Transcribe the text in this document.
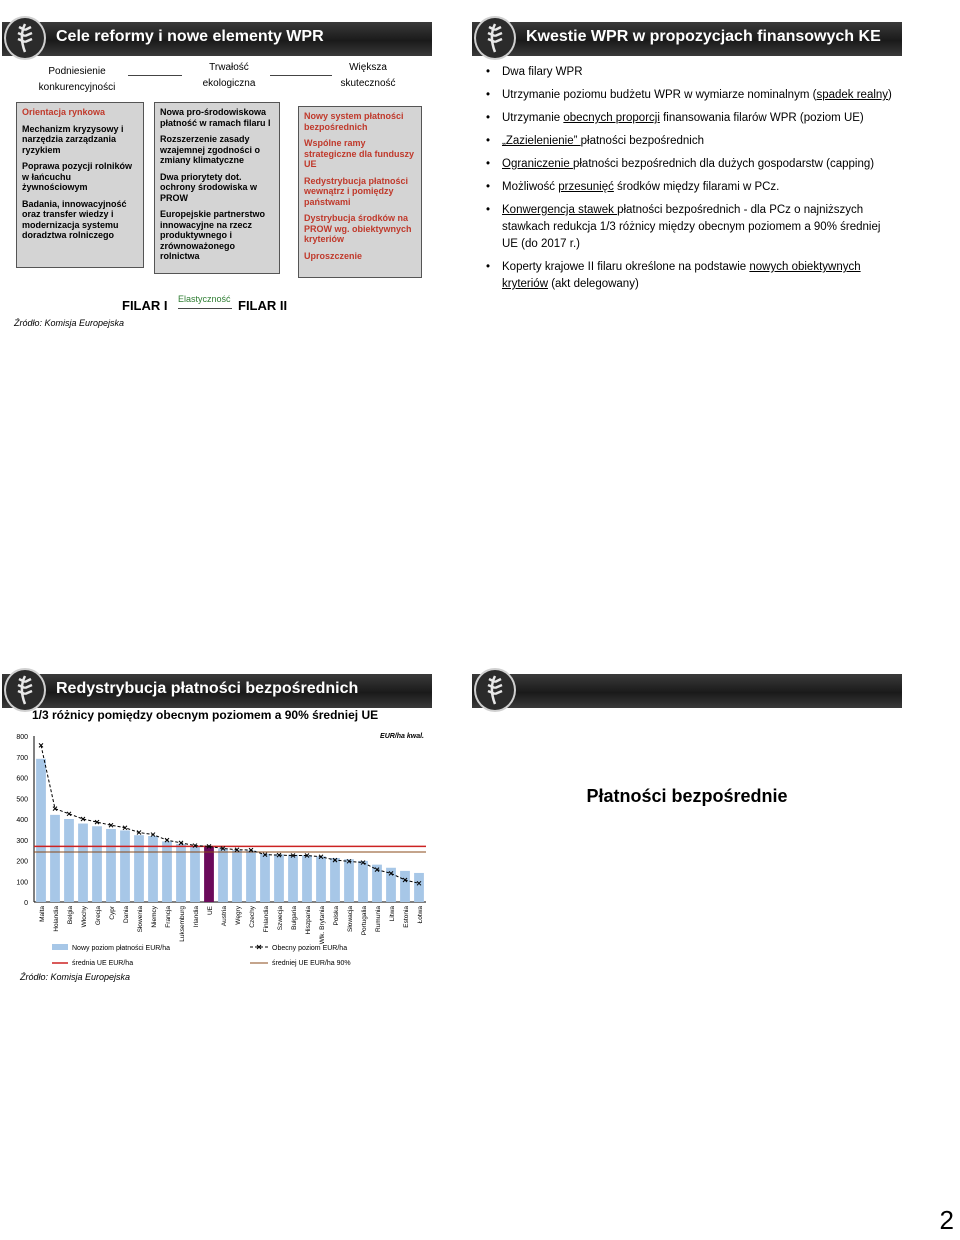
Cele reformy i nowe elementy WPR
Podniesienie konkurencyjności
Trwałość ekologiczna
Większa skuteczność

Orientacja rynkowa

Mechanizm kryzysowy i narzędzia zarządzania ryzykiem

Poprawa pozycji rolników w łańcuchu żywnościowym

Badania, innowacyjność oraz transfer wiedzy i modernizacja systemu doradztwa rolniczego

Nowa pro-środowiskowa płatność w ramach filaru I

Rozszerzenie zasady wzajemnej zgodności o zmiany klimatyczne

Dwa priorytety dot. ochrony środowiska w PROW

Europejskie partnerstwo innowacyjne na rzecz produktywnego i zrównoważonego rolnictwa

Nowy system płatności bezpośrednich

Wspólne ramy strategiczne dla funduszy UE

Redystrybucja płatności wewnątrz i pomiędzy państwami

Dystrybucja środków na PROW wg. obiektywnych kryteriów

Uproszczenie

FILAR I Elastyczność FILAR II
Źródło: Komisja Europejska
Kwestie WPR w propozycjach finansowych KE
• Dwa filary WPR
• Utrzymanie poziomu budżetu WPR w wymiarze nominalnym (spadek realny)
• Utrzymanie obecnych proporcji finansowania filarów WPR (poziom UE)
• „Zazielenienie” płatności bezpośrednich
• Ograniczenie płatności bezpośrednich dla dużych gospodarstw (capping)
• Możliwość przesunięć środków między filarami w PCz.
• Konwergencja stawek płatności bezpośrednich - dla PCz o najniższych stawkach redukcja 1/3 różnicy między obecnym poziomem a 90% średniej UE (do 2017 r.)
• Koperty krajowe II filaru określone na podstawie nowych obiektywnych kryteriów (akt delegowany)
Redystrybucja płatności bezpośrednich
1/3 różnicy pomiędzy obecnym poziomem a 90% średniej UE
0
100
200
300
400
500
600
700
800	EUR/ha kwal.
Malta Holandia Belgia Włochy Grecja Cypr Dania Słowenia Niemcy Francja Luksemburg Irlandia UE Austria Węgry Czechy Finlandia Szwecja Bułgaria Hiszpania Wlk. Brytania Polska Słowacja Portugalia Rumunia Litwa Estonia Łotwa
Nowy poziom płatności EUR/ha
średnia UE EUR/ha
Obecny poziom EUR/ha
średniej UE EUR/ha 90%
Źródło: Komisja Europejska
Płatności bezpośrednie
2
